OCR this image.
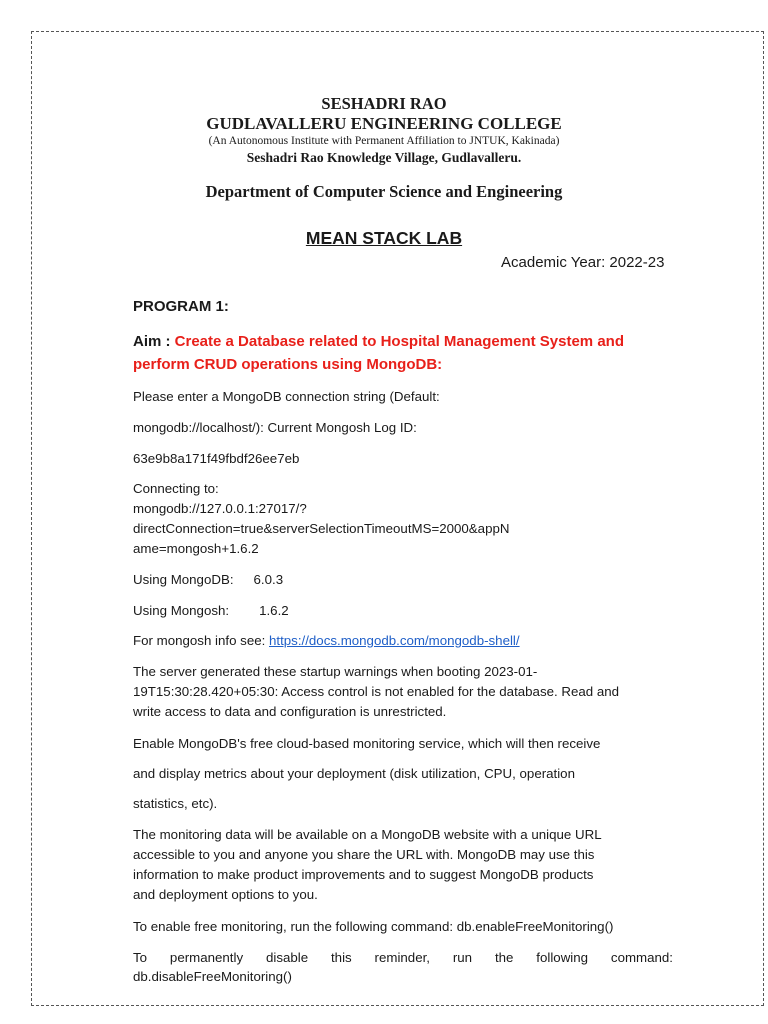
SESHADRI RAO
GUDLAVALLERU ENGINEERING COLLEGE
(An Autonomous Institute with Permanent Affiliation to JNTUK, Kakinada)
Seshadri Rao Knowledge Village, Gudlavalleru.
Department of Computer Science and Engineering
MEAN STACK LAB
Academic Year: 2022-23
PROGRAM 1:
Aim : Create a Database related to Hospital Management System and
perform CRUD operations using MongoDB:

Please enter a MongoDB connection string (Default:

mongodb://localhost/): Current Mongosh Log ID:

63e9b8a171f49fbdf26ee7eb

Connecting to:
mongodb://127.0.0.1:27017/?
directConnection=true&serverSelectionTimeoutMS=2000&appN
ame=mongosh+1.6.2

Using MongoDB: 6.0.3

Using Mongosh: 1.6.2

For mongosh info see: https://docs.mongodb.com/mongodb-shell/

The server generated these startup warnings when booting 2023-01-
19T15:30:28.420+05:30: Access control is not enabled for the database. Read and
write access to data and configuration is unrestricted.

Enable MongoDB's free cloud-based monitoring service, which will then receive

and display metrics about your deployment (disk utilization, CPU, operation

statistics, etc).

The monitoring data will be available on a MongoDB website with a unique URL
accessible to you and anyone you share the URL with. MongoDB may use this
information to make product improvements and to suggest MongoDB products
and deployment options to you.

To enable free monitoring, run the following command: db.enableFreeMonitoring()

To permanently disable this reminder, run the following command:

db.disableFreeMonitoring()
